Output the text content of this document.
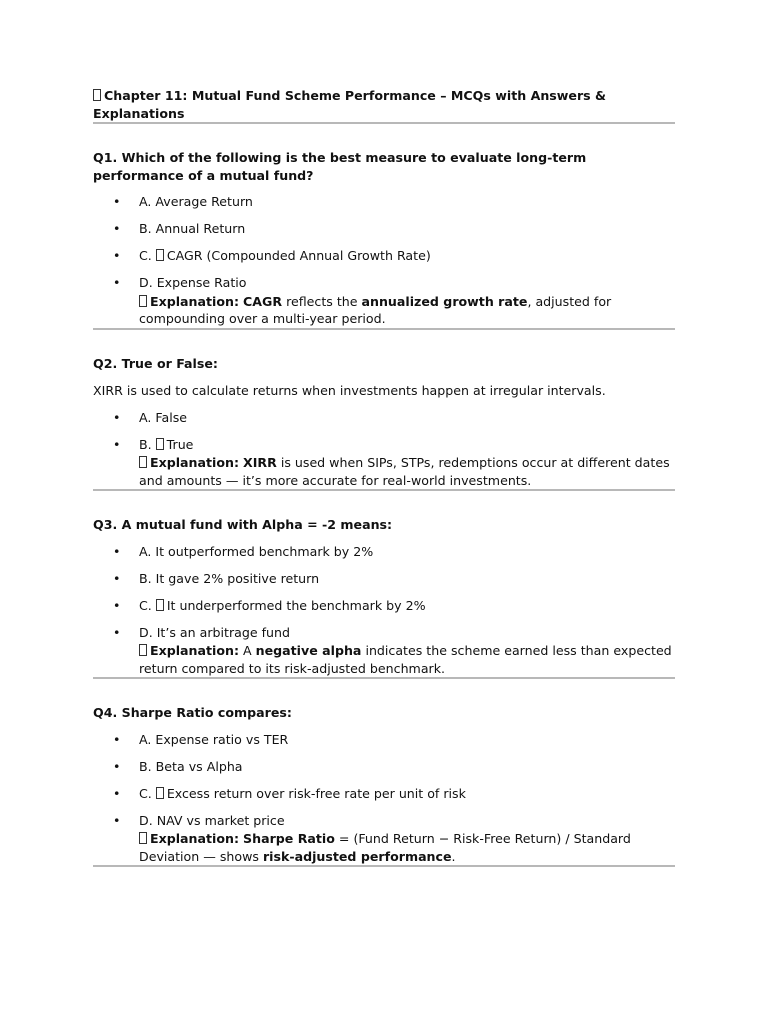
Chapter 11: Mutual Fund Scheme Performance – MCQs with Answers & Explanations

Q1. Which of the following is the best measure to evaluate long-term performance of a mutual fund?

• A. Average Return
• B. Annual Return
• C. CAGR (Compounded Annual Growth Rate)
• D. Expense Ratio
Explanation: CAGR reflects the annualized growth rate, adjusted for compounding over a multi-year period.

Q2. True or False:

XIRR is used to calculate returns when investments happen at irregular intervals.

• A. False
• B. True
Explanation: XIRR is used when SIPs, STPs, redemptions occur at different dates and amounts — it’s more accurate for real-world investments.

Q3. A mutual fund with Alpha = -2 means:

• A. It outperformed benchmark by 2%
• B. It gave 2% positive return
• C. It underperformed the benchmark by 2%
• D. It’s an arbitrage fund
Explanation: A negative alpha indicates the scheme earned less than expected return compared to its risk-adjusted benchmark.

Q4. Sharpe Ratio compares:

• A. Expense ratio vs TER
• B. Beta vs Alpha
• C. Excess return over risk-free rate per unit of risk
• D. NAV vs market price
Explanation: Sharpe Ratio = (Fund Return − Risk-Free Return) / Standard Deviation — shows risk-adjusted performance.
